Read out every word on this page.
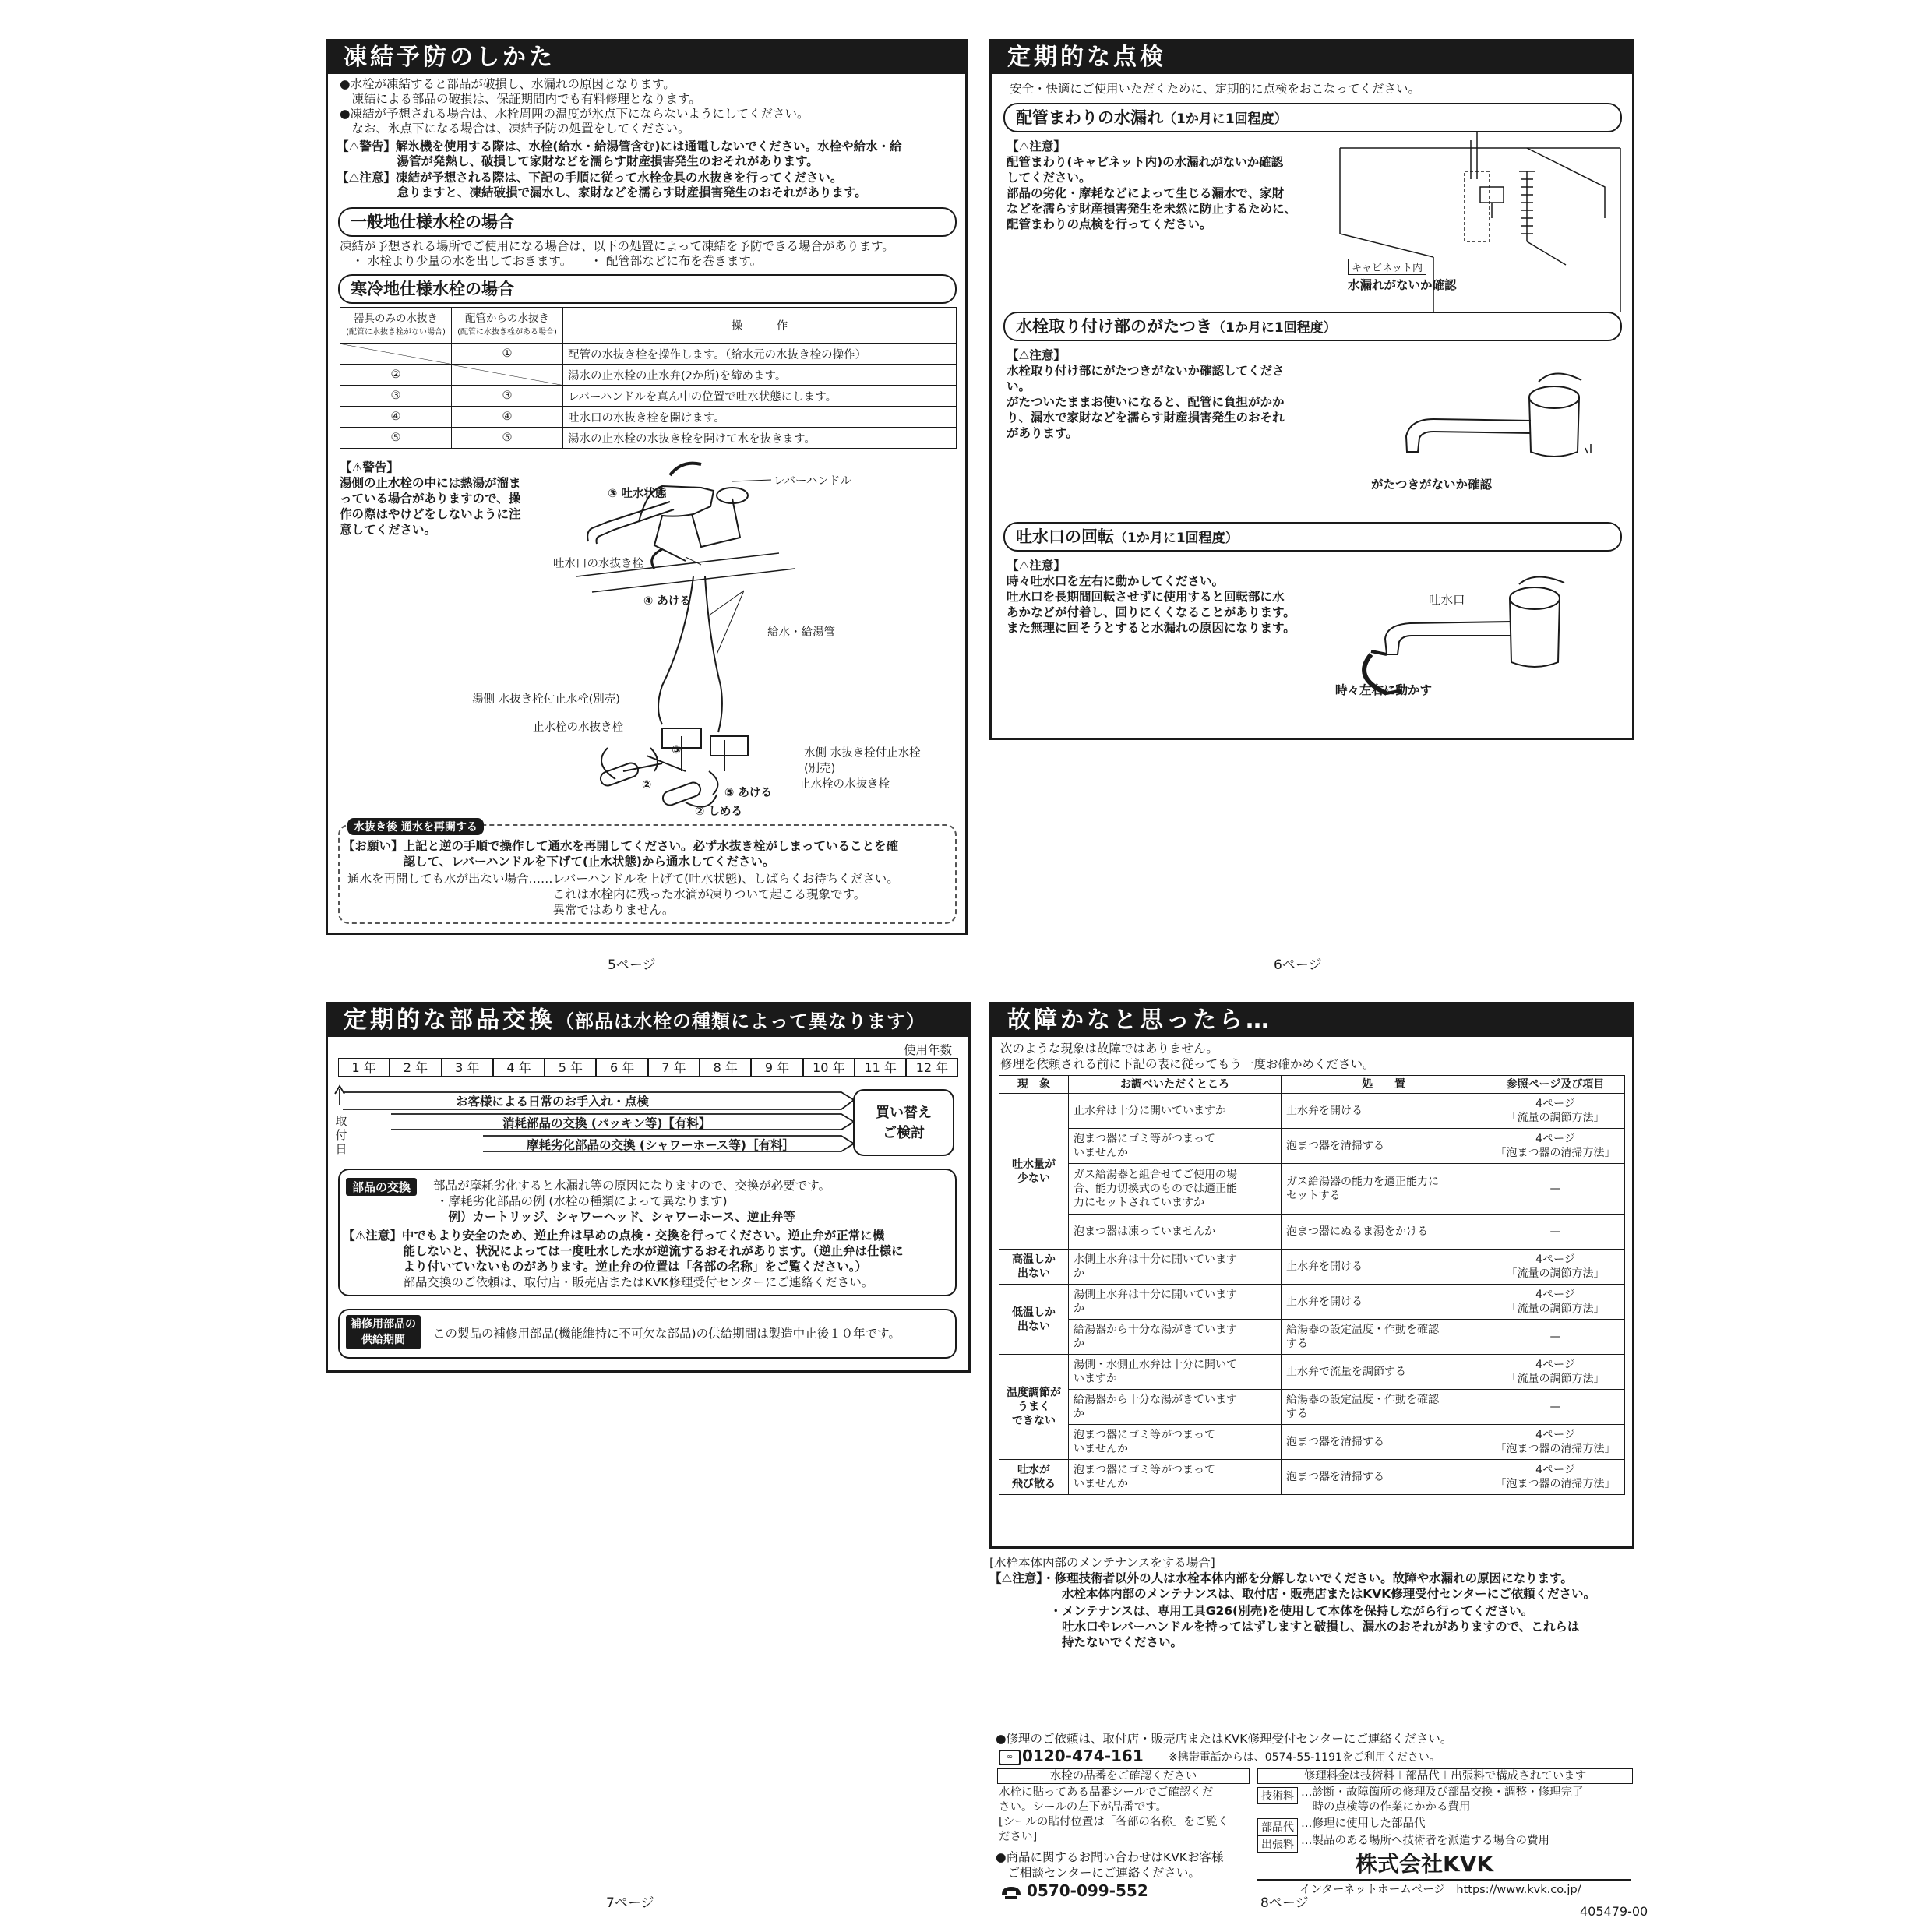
凍結予防のしかた
●水栓が凍結すると部品が破損し、水漏れの原因となります。
　凍結による部品の破損は、保証期間内でも有料修理となります。
●凍結が予想される場合は、水栓周囲の温度が氷点下にならないようにしてください。
　なお、氷点下になる場合は、凍結予防の処置をしてください。
【⚠警告】解氷機を使用する際は、水栓(給水・給湯管含む)には通電しないでください。水栓や給水・給
　　　　　湯管が発熱し、破損して家財などを濡らす財産損害発生のおそれがあります。
【⚠注意】凍結が予想される際は、下記の手順に従って水栓金具の水抜きを行ってください。
　　　　　怠りますと、凍結破損で漏水し、家財などを濡らす財産損害発生のおそれがあります。
一般地仕様水栓の場合
凍結が予想される場所でご使用になる場合は、以下の処置によって凍結を予防できる場合があります。
　・ 水栓より少量の水を出しておきます。　　・ 配管部などに布を巻きます。
寒冷地仕様水栓の場合
器具のみの水抜き
(配管に水抜き栓がない場合)	配管からの水抜き
(配管に水抜き栓がある場合)	操　　　作
	①	配管の水抜き栓を操作します。（給水元の水抜き栓の操作）
②		湯水の止水栓の止水弁(2か所)を締めます。
③	③	レバーハンドルを真ん中の位置で吐水状態にします。
④	④	吐水口の水抜き栓を開けます。
⑤	⑤	湯水の止水栓の水抜き栓を開けて水を抜きます。
【⚠警告】
湯側の止水栓の中には熱湯が溜ま
っている場合がありますので、操
作の際はやけどをしないように注
意してください。
レバーハンドル
③ 吐水状態
吐水口の水抜き栓
④ あける
給水・給湯管
湯側 水抜き栓付止水栓(別売)
止水栓の水抜き栓
水側 水抜き栓付止水栓
(別売)
止水栓の水抜き栓
⑤
⑤ あける
②
② しめる
水抜き後 通水を再開する
【お願い】上記と逆の手順で操作して通水を再開してください。必ず水抜き栓がしまっていることを確
　　　　　認して、レバーハンドルを下げて(止水状態)から通水してください。
通水を再開しても水が出ない場合……レバーハンドルを上げて(吐水状態)、しばらくお待ちください。
　　　　　　　　　　　　　　　　　これは水栓内に残った水滴が凍りついて起こる現象です。
　　　　　　　　　　　　　　　　　異常ではありません。
5ページ
定期的な点検
安全・快適にご使用いただくために、定期的に点検をおこなってください。
配管まわりの水漏れ（1か月に1回程度）
【⚠注意】
配管まわり(キャビネット内)の水漏れがないか確認
してください。
部品の劣化・摩耗などによって生じる漏水で、家財
などを濡らす財産損害発生を未然に防止するために、
配管まわりの点検を行ってください。
キャビネット内
水漏れがないか確認
水栓取り付け部のがたつき（1か月に1回程度）
【⚠注意】
水栓取り付け部にがたつきがないか確認してくださ
い。
がたついたままお使いになると、配管に負担がかか
り、漏水で家財などを濡らす財産損害発生のおそれ
があります。
がたつきがないか確認
吐水口の回転（1か月に1回程度）
【⚠注意】
時々吐水口を左右に動かしてください。
吐水口を長期間回転させずに使用すると回転部に水
あかなどが付着し、回りにくくなることがあります。
また無理に回そうとすると水漏れの原因になります。
吐水口
時々左右に動かす
6ページ
定期的な部品交換（部品は水栓の種類によって異なります）
使用年数
1 年	2 年	3 年	4 年	5 年	6 年	7 年	8 年	9 年	10 年	11 年	12 年
取
付
日
お客様による日常のお手入れ・点検
消耗部品の交換 (パッキン等)【有料】
摩耗劣化部品の交換 (シャワーホース等)［有料］
買い替え
ご検討
部品の交換	部品が摩耗劣化すると水漏れ等の原因になりますので、交換が必要です。
・摩耗劣化部品の例 (水栓の種類によって異なります)
　例）カートリッジ、シャワーヘッド、シャワーホース、逆止弁等
【⚠注意】中でもより安全のため、逆止弁は早めの点検・交換を行ってください。逆止弁が正常に機
　　　　　能しないと、状況によっては一度吐水した水が逆流するおそれがあります。（逆止弁は仕様に
　　　　　より付いていないものがあります。逆止弁の位置は「各部の名称」をご覧ください。）
　　　　　部品交換のご依頼は、取付店・販売店またはKVK修理受付センターにご連絡ください。
補修用部品の
供給期間	この製品の補修用部品(機能維持に不可欠な部品)の供給期間は製造中止後１０年です。
7ページ
故障かなと思ったら…
次のような現象は故障ではありません。
修理を依頼される前に下記の表に従ってもう一度お確かめください。
現　象	お調べいただくところ	処　　置	参照ページ及び項目
吐水量が
少ない	止水弁は十分に開いていますか	止水弁を開ける	4ページ
「流量の調節方法」
	泡まつ器にゴミ等がつまって
いませんか	泡まつ器を清掃する	4ページ
「泡まつ器の清掃方法」
	ガス給湯器と組合せてご使用の場
合、能力切換式のものでは適正能
力にセットされていますか	ガス給湯器の能力を適正能力に
セットする	—
	泡まつ器は凍っていませんか	泡まつ器にぬるま湯をかける	—
高温しか
出ない	水側止水弁は十分に開いています
か	止水弁を開ける	4ページ
「流量の調節方法」
低温しか
出ない	湯側止水弁は十分に開いています
か	止水弁を開ける	4ページ
「流量の調節方法」
	給湯器から十分な湯がきています
か	給湯器の設定温度・作動を確認
する	—
温度調節が
うまく
できない	湯側・水側止水弁は十分に開いて
いますか	止水弁で流量を調節する	4ページ
「流量の調節方法」
	給湯器から十分な湯がきています
か	給湯器の設定温度・作動を確認
する	—
	泡まつ器にゴミ等がつまって
いませんか	泡まつ器を清掃する	4ページ
「泡まつ器の清掃方法」
吐水が
飛び散る	泡まつ器にゴミ等がつまって
いませんか	泡まつ器を清掃する	4ページ
「泡まつ器の清掃方法」
[水栓本体内部のメンテナンスをする場合]
【⚠注意】・修理技術者以外の人は水栓本体内部を分解しないでください。故障や水漏れの原因になります。
　　　　　　水栓本体内部のメンテナンスは、取付店・販売店またはKVK修理受付センターにご依頼ください。
　　　　　・メンテナンスは、専用工具G26(別売)を使用して本体を保持しながら行ってください。
　　　　　　吐水口やレバーハンドルを持ってはずしますと破損し、漏水のおそれがありますので、これらは
　　　　　　持たないでください。
●修理のご依頼は、取付店・販売店またはKVK修理受付センターにご連絡ください。
∞ 0120-474-161 ※携帯電話からは、0574-55-1191をご利用ください。
水栓の品番をご確認ください
水栓に貼ってある品番シールでご確認くだ
さい。シールの左下が品番です。
[シールの貼付位置は「各部の名称」をご覧く
ださい]
修理料金は技術料＋部品代＋出張料で構成されています
技術料 …診断・故障箇所の修理及び部品交換・調整・修理完了
　時の点検等の作業にかかる費用
部品代 …修理に使用した部品代
出張料 …製品のある場所へ技術者を派遣する場合の費用
●商品に関するお問い合わせはKVKお客様
　ご相談センターにご連絡ください。
0570-099-552
株式会社KVK
インターネットホームページ　https://www.kvk.co.jp/
8ページ
405479-00
